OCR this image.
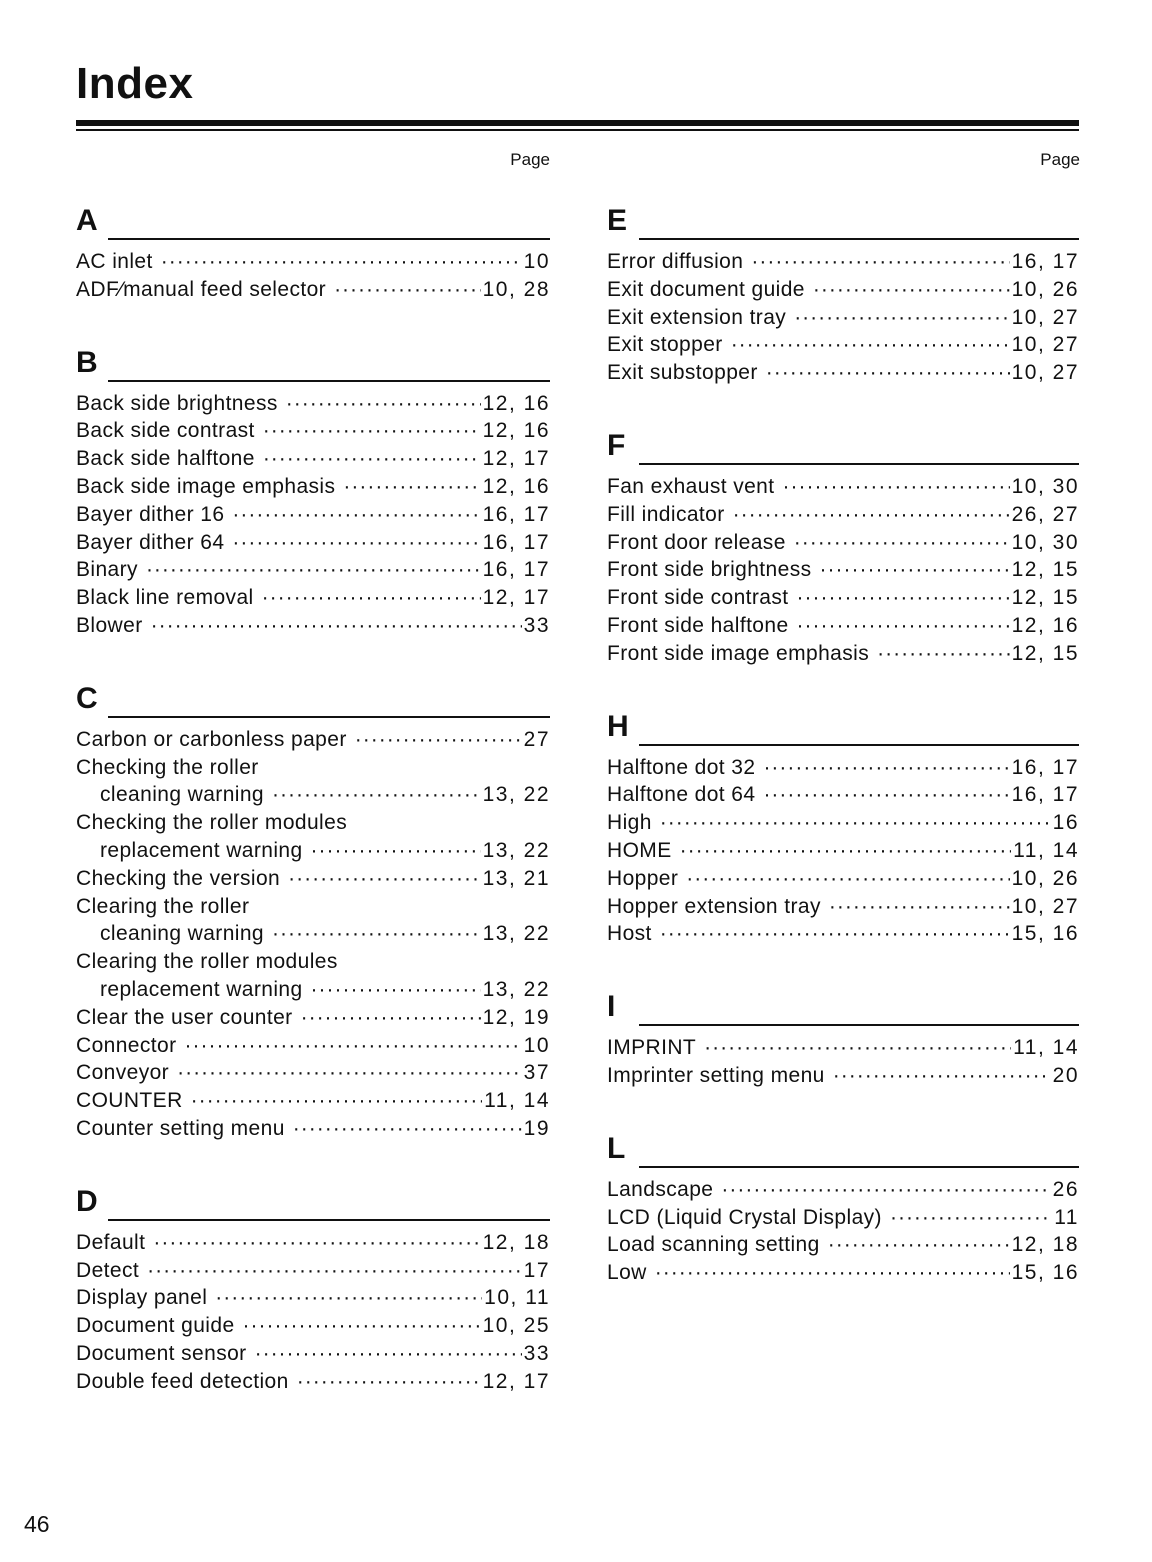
Index
Page	Page
A
AC inlet ·····	10
ADF∕manual feed selector ·····	10, 28
B
Back side brightness ·····	12, 16
Back side contrast ·····	12, 16
Back side halftone ·····	12, 17
Back side image emphasis ·····	12, 16
Bayer dither 16 ·····	16, 17
Bayer dither 64 ·····	16, 17
Binary ·····	16, 17
Black line removal ·····	12, 17
Blower ·····	33
C
Carbon or carbonless paper ·····	27
Checking the roller
cleaning warning ·····	13, 22
Checking the roller modules
replacement warning ·····	13, 22
Checking the version ·····	13, 21
Clearing the roller
cleaning warning ·····	13, 22
Clearing the roller modules
replacement warning ·····	13, 22
Clear the user counter ·····	12, 19
Connector ·····	10
Conveyor ·····	37
COUNTER ·····	11, 14
Counter setting menu ·····	19
D
Default ·····	12, 18
Detect ·····	17
Display panel ·····	10, 11
Document guide ·····	10, 25
Document sensor ·····	33
Double feed detection ·····	12, 17
E
Error diffusion ·····	16, 17
Exit document guide ·····	10, 26
Exit extension tray ·····	10, 27
Exit stopper ·····	10, 27
Exit substopper ·····	10, 27
F
Fan exhaust vent ·····	10, 30
Fill indicator ·····	26, 27
Front door release ·····	10, 30
Front side brightness ·····	12, 15
Front side contrast ·····	12, 15
Front side halftone ·····	12, 16
Front side image emphasis ·····	12, 15
H
Halftone dot 32 ·····	16, 17
Halftone dot 64 ·····	16, 17
High ·····	16
HOME ·····	11, 14
Hopper ·····	10, 26
Hopper extension tray ·····	10, 27
Host ·····	15, 16
I
IMPRINT ·····	11, 14
Imprinter setting menu ·····	20
L
Landscape ·····	26
LCD (Liquid Crystal Display) ·····	11
Load scanning setting ·····	12, 18
Low ·····	15, 16
46
